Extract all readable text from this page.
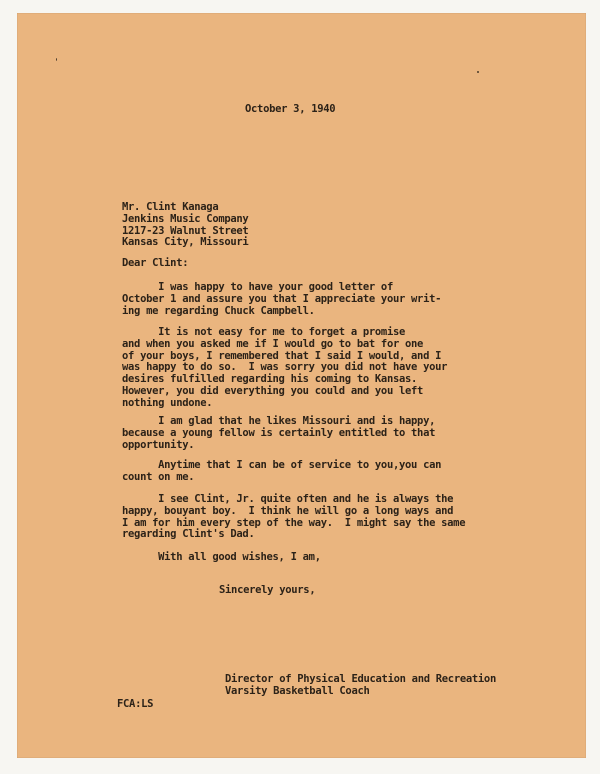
October 3, 1940

Mr. Clint Kanaga
Jenkins Music Company
1217-23 Walnut Street
Kansas City, Missouri

Dear Clint:

I was happy to have your good letter of
October 1 and assure you that I appreciate your writ-
ing me regarding Chuck Campbell.

It is not easy for me to forget a promise
and when you asked me if I would go to bat for one
of your boys, I remembered that I said I would, and I
was happy to do so.  I was sorry you did not have your
desires fulfilled regarding his coming to Kansas.
However, you did everything you could and you left
nothing undone.

I am glad that he likes Missouri and is happy,
because a young fellow is certainly entitled to that
opportunity.

Anytime that I can be of service to you,you can
count on me.

I see Clint, Jr. quite often and he is always the
happy, bouyant boy.  I think he will go a long ways and
I am for him every step of the way.  I might say the same
regarding Clint's Dad.

With all good wishes, I am,

Sincerely yours,

Director of Physical Education and Recreation

Varsity Basketball Coach

FCA:LS
